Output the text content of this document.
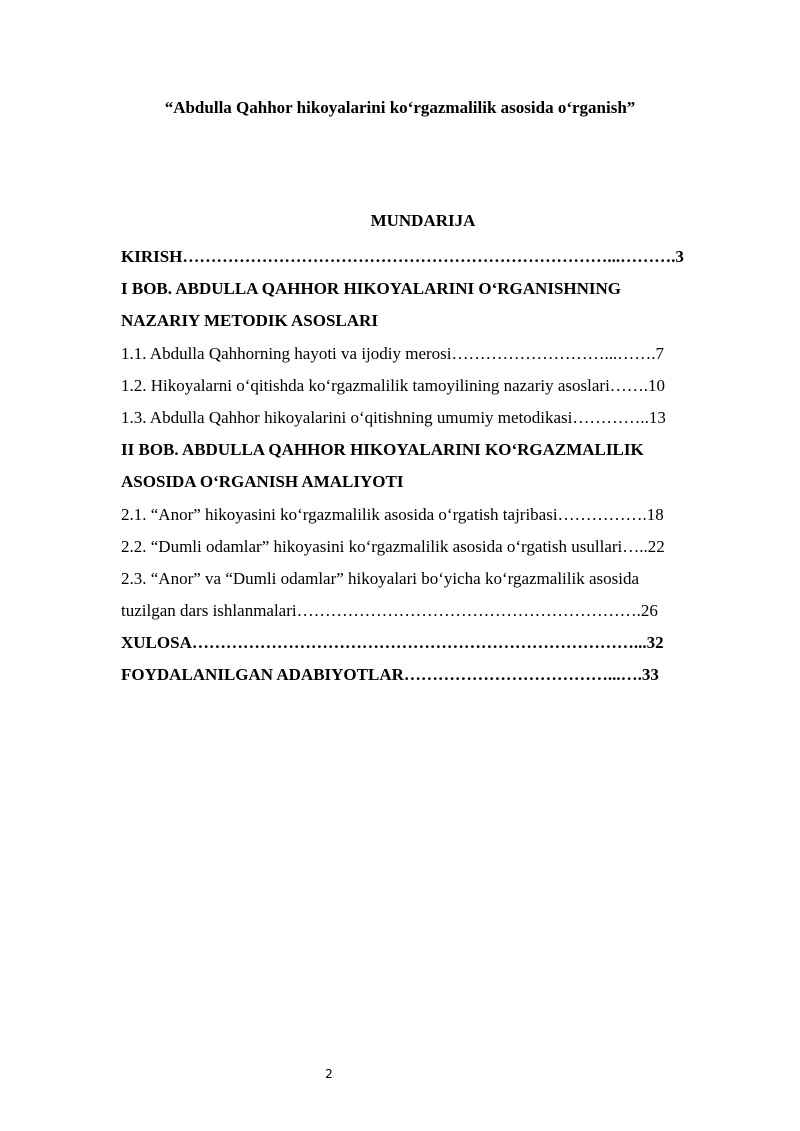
“Abdulla Qahhor hikoyalarini ko‘rgazmalilik asosida o‘rganish”
MUNDARIJA
KIRISH…………………………………………………………………...……….3
I BOB. ABDULLA QAHHOR HIKOYALARINI O‘RGANISHNING
NAZARIY METODIK ASOSLARI
1.1. Abdulla Qahhorning hayoti va ijodiy merosi………………………...…….7
1.2. Hikoyalarni o‘qitishda ko‘rgazmalilik tamoyilining nazariy asoslari…….10
1.3. Abdulla Qahhor hikoyalarini o‘qitishning umumiy metodikasi…………..13
II BOB. ABDULLA QAHHOR HIKOYALARINI KO‘RGAZMALILIK
ASOSIDA O‘RGANISH AMALIYOTI
2.1. “Anor” hikoyasini ko‘rgazmalilik asosida o‘rgatish tajribasi…………….18
2.2. “Dumli odamlar” hikoyasini ko‘rgazmalilik asosida o‘rgatish usullari…..22
2.3. “Anor” va “Dumli odamlar” hikoyalari bo‘yicha ko‘rgazmalilik asosida
tuzilgan dars ishlanmalari…………………………………………………….26
XULOSA……………………………………………………………………...32
FOYDALANILGAN ADABIYOTLAR………………………………...….33
2
